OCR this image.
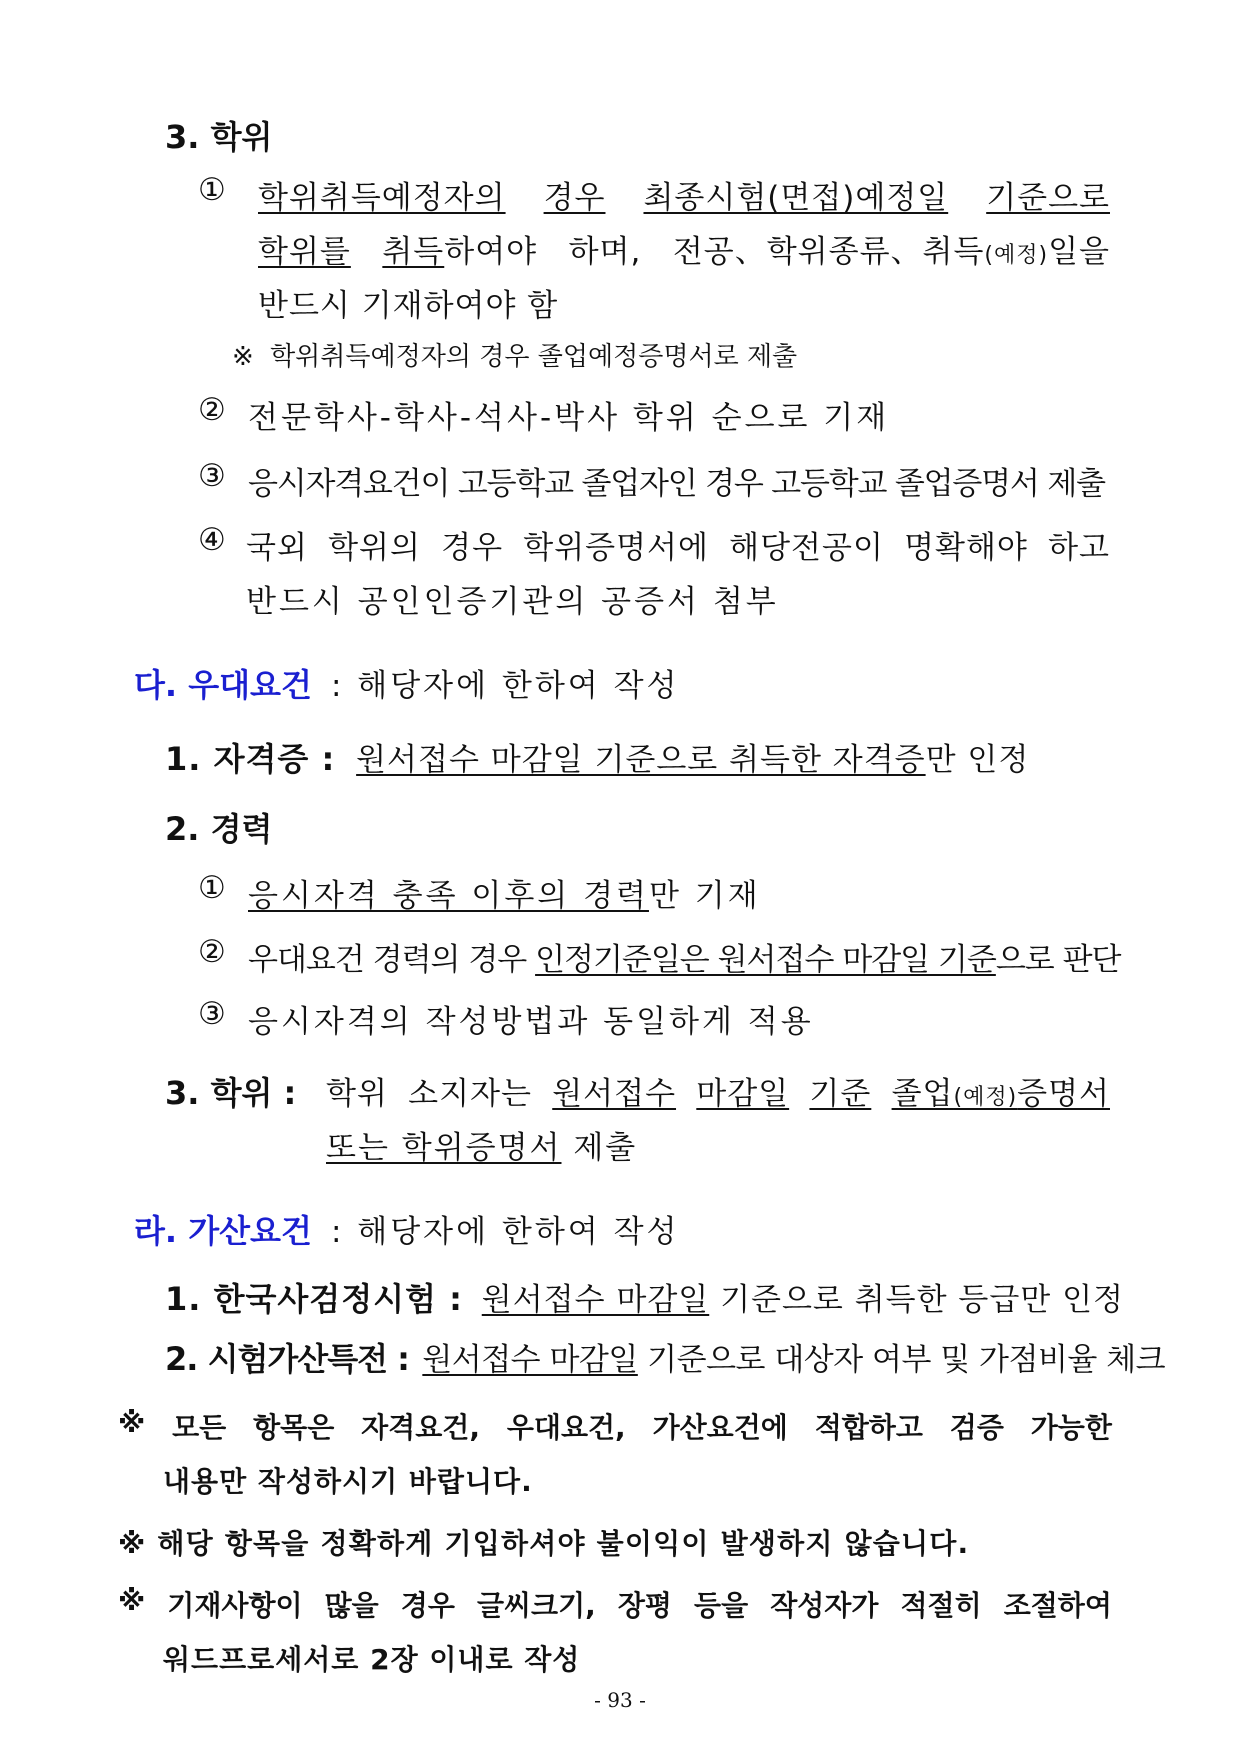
3. 학위
① 학위취득예정자의 경우 최종시험(면접)예정일 기준으로
학위를 취득하여야 하며, 전공、학위종류、취득(예정)일을
반드시 기재하여야 함
※ 학위취득예정자의 경우 졸업예정증명서로 제출
② 전문학사-학사-석사-박사 학위 순으로 기재
③ 응시자격요건이 고등학교 졸업자인 경우 고등학교 졸업증명서 제출
④ 국외 학위의 경우 학위증명서에 해당전공이 명확해야 하고
반드시 공인인증기관의 공증서 첨부
다. 우대요건 : 해당자에 한하여 작성
1. 자격증 : 원서접수 마감일 기준으로 취득한 자격증만 인정
2. 경력
① 응시자격 충족 이후의 경력만 기재
② 우대요건 경력의 경우 인정기준일은 원서접수 마감일 기준으로 판단
③ 응시자격의 작성방법과 동일하게 적용
3. 학위 : 학위 소지자는 원서접수 마감일 기준 졸업(예정)증명서
또는 학위증명서 제출
라. 가산요건 : 해당자에 한하여 작성
1. 한국사검정시험 : 원서접수 마감일 기준으로 취득한 등급만 인정
2. 시험가산특전 : 원서접수 마감일 기준으로 대상자 여부 및 가점비율 체크
※ 모든 항목은 자격요건, 우대요건, 가산요건에 적합하고 검증 가능한
내용만 작성하시기 바랍니다.
※ 해당 항목을 정확하게 기입하셔야 불이익이 발생하지 않습니다.
※ 기재사항이 많을 경우 글씨크기, 장평 등을 작성자가 적절히 조절하여
워드프로세서로 2장 이내로 작성
- 93 -
